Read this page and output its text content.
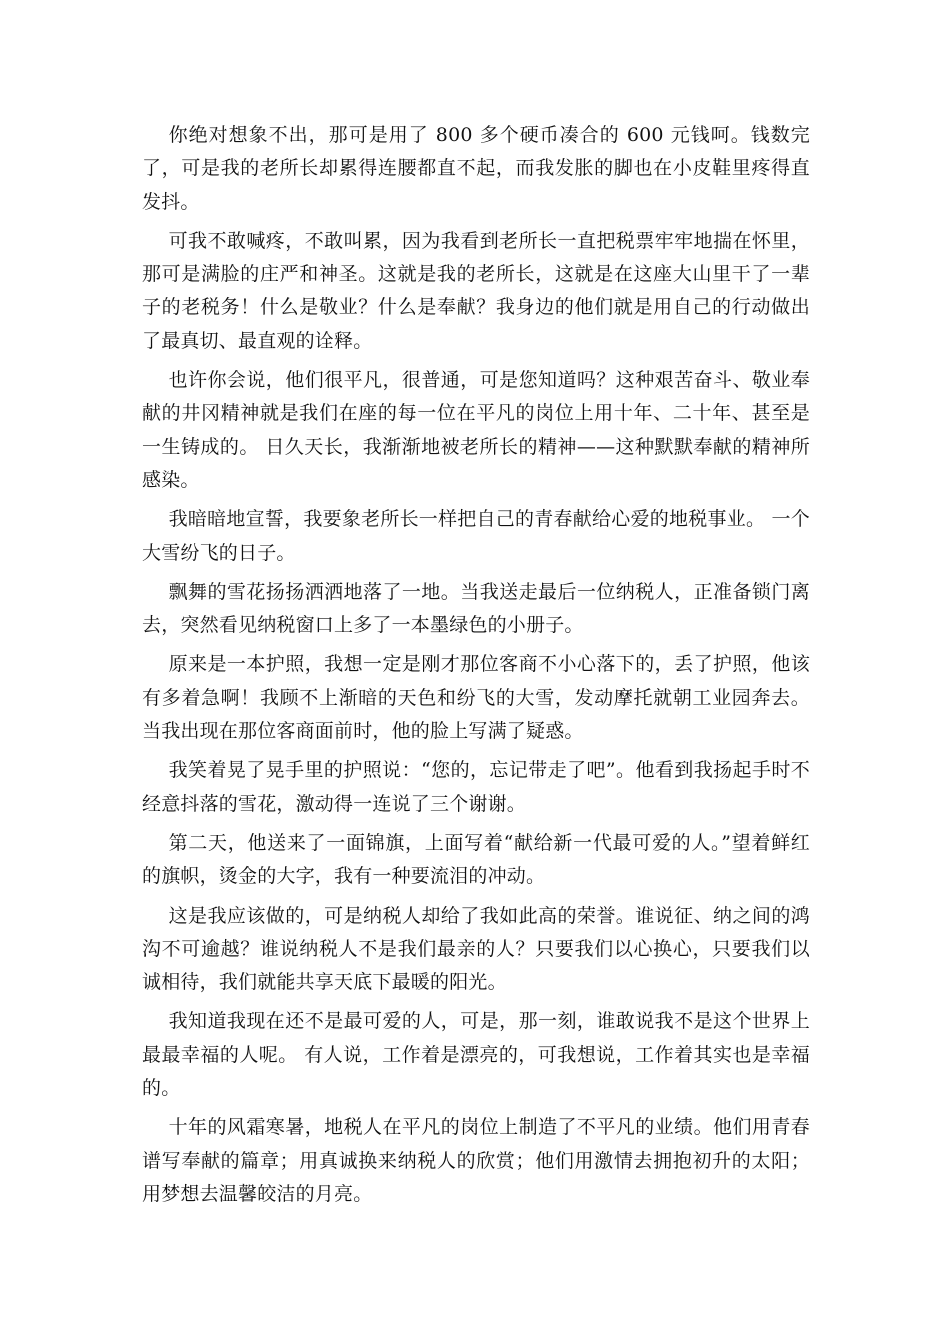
你绝对想象不出，那可是用了 800 多个硬币凑合的 600 元钱呵。钱数完了，可是我的老所长却累得连腰都直不起，而我发胀的脚也在小皮鞋里疼得直发抖。

可我不敢喊疼，不敢叫累，因为我看到老所长一直把税票牢牢地揣在怀里，那可是满脸的庄严和神圣。这就是我的老所长，这就是在这座大山里干了一辈子的老税务！什么是敬业？什么是奉献？我身边的他们就是用自己的行动做出了最真切、最直观的诠释。

也许你会说，他们很平凡，很普通，可是您知道吗？这种艰苦奋斗、敬业奉献的井冈精神就是我们在座的每一位在平凡的岗位上用十年、二十年、甚至是一生铸成的。 日久天长，我渐渐地被老所长的精神——这种默默奉献的精神所感染。

我暗暗地宣誓，我要象老所长一样把自己的青春献给心爱的地税事业。 一个大雪纷飞的日子。

飘舞的雪花扬扬洒洒地落了一地。当我送走最后一位纳税人，正准备锁门离去，突然看见纳税窗口上多了一本墨绿色的小册子。

原来是一本护照，我想一定是刚才那位客商不小心落下的，丢了护照，他该有多着急啊！我顾不上渐暗的天色和纷飞的大雪，发动摩托就朝工业园奔去。当我出现在那位客商面前时，他的脸上写满了疑惑。

我笑着晃了晃手里的护照说：“您的，忘记带走了吧”。他看到我扬起手时不经意抖落的雪花，激动得一连说了三个谢谢。

第二天，他送来了一面锦旗，上面写着“献给新一代最可爱的人。”望着鲜红的旗帜，烫金的大字，我有一种要流泪的冲动。

这是我应该做的，可是纳税人却给了我如此高的荣誉。谁说征、纳之间的鸿沟不可逾越？谁说纳税人不是我们最亲的人？只要我们以心换心，只要我们以诚相待，我们就能共享天底下最暖的阳光。

我知道我现在还不是最可爱的人，可是，那一刻，谁敢说我不是这个世界上最最幸福的人呢。 有人说，工作着是漂亮的，可我想说，工作着其实也是幸福的。

十年的风霜寒暑，地税人在平凡的岗位上制造了不平凡的业绩。他们用青春谱写奉献的篇章；用真诚换来纳税人的欣赏；他们用激情去拥抱初升的太阳；用梦想去温馨皎洁的月亮。
